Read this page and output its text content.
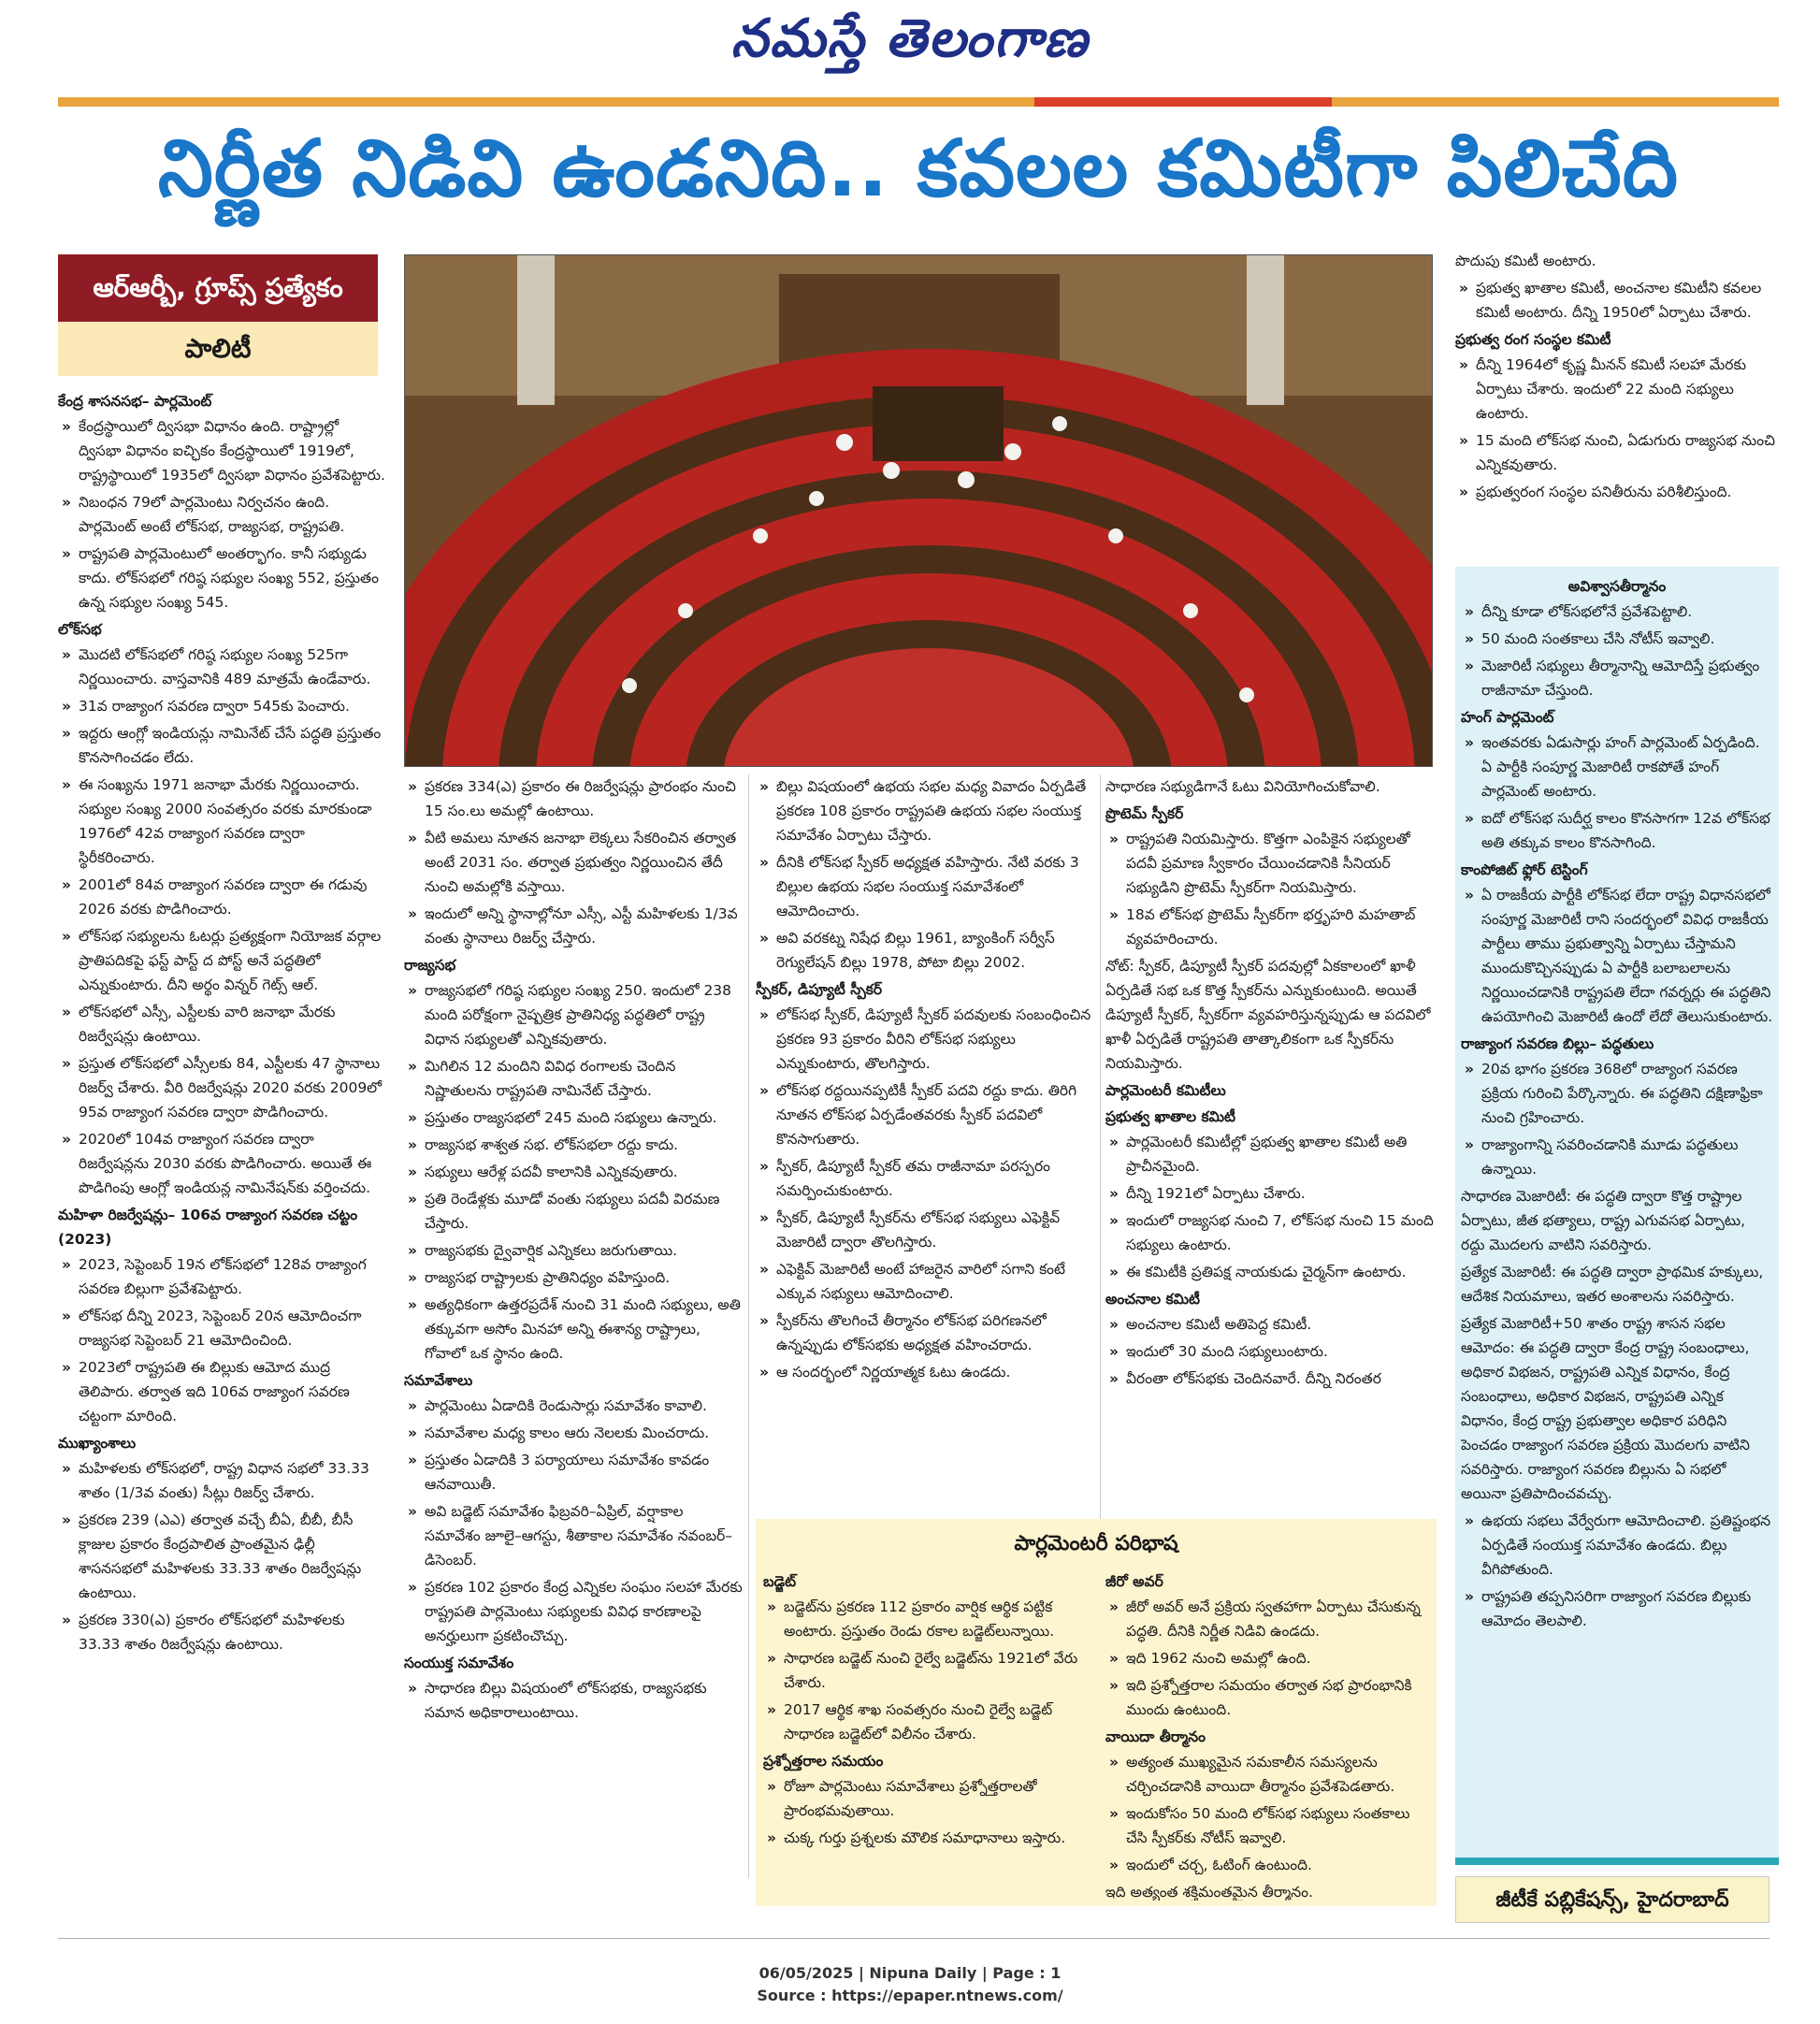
నమస్తే తెలంగాణ
నిర్ణీత నిడివి ఉండనిది.. కవలల కమిటీగా పిలిచేది
ఆర్ఆర్బీ, గ్రూప్స్ ప్రత్యేకం
పాలిటీ
కేంద్ర శాసనసభ– పార్లమెంట్

» కేంద్రస్థాయిలో ద్విసభా విధానం ఉంది. రాష్ట్రాల్లో ద్విసభా విధానం ఐచ్ఛికం కేంద్రస్థాయిలో 1919లో, రాష్ట్రస్థాయిలో 1935లో ద్విసభా విధానం ప్రవేశపెట్టారు.

» నిబంధన 79లో పార్లమెంటు నిర్వచనం ఉంది. పార్లమెంట్ అంటే లోక్‌సభ, రాజ్యసభ, రాష్ట్రపతి.

» రాష్ట్రపతి పార్లమెంటులో అంతర్భాగం. కానీ సభ్యుడు కాదు. లోక్‌సభలో గరిష్ఠ సభ్యుల సంఖ్య 552, ప్రస్తుతం ఉన్న సభ్యుల సంఖ్య 545.

లోక్‌సభ

» మొదటి లోక్‌సభలో గరిష్ఠ సభ్యుల సంఖ్య 525గా నిర్ణయించారు. వాస్తవానికి 489 మాత్రమే ఉండేవారు.

» 31వ రాజ్యాంగ సవరణ ద్వారా 545కు పెంచారు.

» ఇద్దరు ఆంగ్లో ఇండియన్లు నామినేట్ చేసే పద్ధతి ప్రస్తుతం కొనసాగించడం లేదు.

» ఈ సంఖ్యను 1971 జనాభా మేరకు నిర్ణయించారు. సభ్యుల సంఖ్య 2000 సంవత్సరం వరకు మారకుండా 1976లో 42వ రాజ్యాంగ సవరణ ద్వారా స్థిరీకరించారు.

» 2001లో 84వ రాజ్యాంగ సవరణ ద్వారా ఈ గడువు 2026 వరకు పొడిగించారు.

» లోక్‌సభ సభ్యులను ఓటర్లు ప్రత్యక్షంగా నియోజక వర్గాల ప్రాతిపదికపై ఫస్ట్ పాస్ట్ ద పోస్ట్ అనే పద్ధతిలో ఎన్నుకుంటారు. దీని అర్థం విన్నర్ గెట్స్ ఆల్.

» లోక్‌సభలో ఎస్సీ, ఎస్టీలకు వారి జనాభా మేరకు రిజర్వేషన్లు ఉంటాయి.

» ప్రస్తుత లోక్‌సభలో ఎస్సీలకు 84, ఎస్టీలకు 47 స్థానాలు రిజర్వ్ చేశారు. వీరి రిజర్వేషన్లు 2020 వరకు 2009లో 95వ రాజ్యాంగ సవరణ ద్వారా పొడిగించారు.

» 2020లో 104వ రాజ్యాంగ సవరణ ద్వారా రిజర్వేషన్లను 2030 వరకు పొడిగించారు. అయితే ఈ పొడిగింపు ఆంగ్లో ఇండియన్ల నామినేషన్‌కు వర్తించదు.

మహిళా రిజర్వేషన్లు– 106వ రాజ్యాంగ సవరణ చట్టం (2023)

» 2023, సెప్టెంబర్ 19న లోక్‌సభలో 128వ రాజ్యాంగ సవరణ బిల్లుగా ప్రవేశపెట్టారు.

» లోక్‌సభ దీన్ని 2023, సెప్టెంబర్ 20న ఆమోదించగా రాజ్యసభ సెప్టెంబర్ 21 ఆమోదించింది.

» 2023లో రాష్ట్రపతి ఈ బిల్లుకు ఆమోద ముద్ర తెలిపారు. తర్వాత ఇది 106వ రాజ్యాంగ సవరణ చట్టంగా మారింది.

ముఖ్యాంశాలు

» మహిళలకు లోక్‌సభలో, రాష్ట్ర విధాన సభలో 33.33 శాతం (1/3వ వంతు) సీట్లు రిజర్వ్ చేశారు.

» ప్రకరణ 239 (ఎఎ) తర్వాత వచ్చే బీఏ, బీబీ, బీసీ క్లాజుల ప్రకారం కేంద్రపాలిత ప్రాంతమైన ఢిల్లీ శాసనసభలో మహిళలకు 33.33 శాతం రిజర్వేషన్లు ఉంటాయి.

» ప్రకరణ 330(ఎ) ప్రకారం లోక్‌సభలో మహిళలకు 33.33 శాతం రిజర్వేషన్లు ఉంటాయి.

» ప్రకరణ 334(ఎ) ప్రకారం ఈ రిజర్వేషన్లు ప్రారంభం నుంచి 15 సం.లు అమల్లో ఉంటాయి.

» వీటి అమలు నూతన జనాభా లెక్కలు సేకరించిన తర్వాత అంటే 2031 సం. తర్వాత ప్రభుత్వం నిర్ణయించిన తేదీ నుంచి అమల్లోకి వస్తాయి.

» ఇందులో అన్ని స్థానాల్లోనూ ఎస్సీ, ఎస్టీ మహిళలకు 1/3వ వంతు స్థానాలు రిజర్వ్ చేస్తారు.

రాజ్యసభ

» రాజ్యసభలో గరిష్ఠ సభ్యుల సంఖ్య 250. ఇందులో 238 మంది పరోక్షంగా నైష్పత్రిక ప్రాతినిధ్య పద్ధతిలో రాష్ట్ర విధాన సభ్యులతో ఎన్నికవుతారు.

» మిగిలిన 12 మందిని వివిధ రంగాలకు చెందిన నిష్ణాతులను రాష్ట్రపతి నామినేట్ చేస్తారు.

» ప్రస్తుతం రాజ్యసభలో 245 మంది సభ్యులు ఉన్నారు.

» రాజ్యసభ శాశ్వత సభ. లోక్‌సభలా రద్దు కాదు.

» సభ్యులు ఆరేళ్ల పదవీ కాలానికి ఎన్నికవుతారు.

» ప్రతి రెండేళ్లకు మూడో వంతు సభ్యులు పదవీ విరమణ చేస్తారు.

» రాజ్యసభకు ద్వైవార్షిక ఎన్నికలు జరుగుతాయి.

» రాజ్యసభ రాష్ట్రాలకు ప్రాతినిధ్యం వహిస్తుంది.

» అత్యధికంగా ఉత్తరప్రదేశ్ నుంచి 31 మంది సభ్యులు, అతి తక్కువగా అసోం మినహా అన్ని ఈశాన్య రాష్ట్రాలు, గోవాలో ఒక స్థానం ఉంది.

సమావేశాలు

» పార్లమెంటు ఏడాదికి రెండుసార్లు సమావేశం కావాలి.

» సమావేశాల మధ్య కాలం ఆరు నెలలకు మించరాదు.

» ప్రస్తుతం ఏడాదికి 3 పర్యాయాలు సమావేశం కావడం ఆనవాయితీ.

» అవి బడ్జెట్ సమావేశం ఫిబ్రవరి–ఏప్రిల్, వర్షాకాల సమావేశం జూలై–ఆగస్టు, శీతాకాల సమావేశం నవంబర్–డిసెంబర్.

» ప్రకరణ 102 ప్రకారం కేంద్ర ఎన్నికల సంఘం సలహా మేరకు రాష్ట్రపతి పార్లమెంటు సభ్యులకు వివిధ కారణాలపై అనర్హులుగా ప్రకటించొచ్చు.

సంయుక్త సమావేశం

» సాధారణ బిల్లు విషయంలో లోక్‌సభకు, రాజ్యసభకు సమాన అధికారాలుంటాయి.

» బిల్లు విషయంలో ఉభయ సభల మధ్య వివాదం ఏర్పడితే ప్రకరణ 108 ప్రకారం రాష్ట్రపతి ఉభయ సభల సంయుక్త సమావేశం ఏర్పాటు చేస్తారు.

» దీనికి లోక్‌సభ స్పీకర్ అధ్యక్షత వహిస్తారు. నేటి వరకు 3 బిల్లుల ఉభయ సభల సంయుక్త సమావేశంలో ఆమోదించారు.

» అవి వరకట్న నిషేధ బిల్లు 1961, బ్యాంకింగ్ సర్వీస్ రెగ్యులేషన్ బిల్లు 1978, పోటా బిల్లు 2002.

స్పీకర్, డిప్యూటీ స్పీకర్

» లోక్‌సభ స్పీకర్, డిప్యూటీ స్పీకర్ పదవులకు సంబంధించిన ప్రకరణ 93 ప్రకారం వీరిని లోక్‌సభ సభ్యులు ఎన్నుకుంటారు, తొలగిస్తారు.

» లోక్‌సభ రద్దయినప్పటికీ స్పీకర్ పదవి రద్దు కాదు. తిరిగి నూతన లోక్‌సభ ఏర్పడేంతవరకు స్పీకర్ పదవిలో కొనసాగుతారు.

» స్పీకర్, డిప్యూటీ స్పీకర్ తమ రాజీనామా పరస్పరం సమర్పించుకుంటారు.

» స్పీకర్, డిప్యూటీ స్పీకర్‌ను లోక్‌సభ సభ్యులు ఎఫెక్టివ్ మెజారిటీ ద్వారా తొలగిస్తారు.

» ఎఫెక్టివ్ మెజారిటీ అంటే హాజరైన వారిలో సగాని కంటే ఎక్కువ సభ్యులు ఆమోదించాలి.

» స్పీకర్‌ను తొలగించే తీర్మానం లోక్‌సభ పరిగణనలో ఉన్నప్పుడు లోక్‌సభకు అధ్యక్షత వహించరాదు.

» ఆ సందర్భంలో నిర్ణయాత్మక ఓటు ఉండదు.

సాధారణ సభ్యుడిగానే ఓటు వినియోగించుకోవాలి.

ప్రొటెమ్ స్పీకర్

» రాష్ట్రపతి నియమిస్తారు. కొత్తగా ఎంపికైన సభ్యులతో పదవీ ప్రమాణ స్వీకారం చేయించడానికి సీనియర్ సభ్యుడిని ప్రొటెమ్ స్పీకర్‌గా నియమిస్తారు.

» 18వ లోక్‌సభ ప్రొటెమ్ స్పీకర్‌గా భర్తృహరి మహతాబ్ వ్యవహరించారు.

నోట్: స్పీకర్, డిప్యూటీ స్పీకర్ పదవుల్లో ఏకకాలంలో ఖాళీ ఏర్పడితే సభ ఒక కొత్త స్పీకర్‌ను ఎన్నుకుంటుంది. అయితే డిప్యూటీ స్పీకర్, స్పీకర్‌గా వ్యవహరిస్తున్నప్పుడు ఆ పదవిలో ఖాళీ ఏర్పడితే రాష్ట్రపతి తాత్కాలికంగా ఒక స్పీకర్‌ను నియమిస్తారు.

పార్లమెంటరీ కమిటీలు
ప్రభుత్వ ఖాతాల కమిటీ

» పార్లమెంటరీ కమిటీల్లో ప్రభుత్వ ఖాతాల కమిటీ అతి ప్రాచీనమైంది.

» దీన్ని 1921లో ఏర్పాటు చేశారు.

» ఇందులో రాజ్యసభ నుంచి 7, లోక్‌సభ నుంచి 15 మంది సభ్యులు ఉంటారు.

» ఈ కమిటీకి ప్రతిపక్ష నాయకుడు చైర్మన్‌గా ఉంటారు.

అంచనాల కమిటీ

» అంచనాల కమిటీ అతిపెద్ద కమిటీ.

» ఇందులో 30 మంది సభ్యులుంటారు.

» వీరంతా లోక్‌సభకు చెందినవారే. దీన్ని నిరంతర

పొదుపు కమిటీ అంటారు.

» ప్రభుత్వ ఖాతాల కమిటీ, అంచనాల కమిటీని కవలల కమిటీ అంటారు. దీన్ని 1950లో ఏర్పాటు చేశారు.

ప్రభుత్వ రంగ సంస్థల కమిటీ

» దీన్ని 1964లో కృష్ణ మీనన్ కమిటీ సలహా మేరకు ఏర్పాటు చేశారు. ఇందులో 22 మంది సభ్యులు ఉంటారు.

» 15 మంది లోక్‌సభ నుంచి, ఏడుగురు రాజ్యసభ నుంచి ఎన్నికవుతారు.

» ప్రభుత్వరంగ సంస్థల పనితీరును పరిశీలిస్తుంది.

అవిశ్వాసతీర్మానం

» దీన్ని కూడా లోక్‌సభలోనే ప్రవేశపెట్టాలి.

» 50 మంది సంతకాలు చేసి నోటీస్ ఇవ్వాలి.

» మెజారిటీ సభ్యులు తీర్మానాన్ని ఆమోదిస్తే ప్రభుత్వం రాజీనామా చేస్తుంది.

హంగ్ పార్లమెంట్

» ఇంతవరకు ఏడుసార్లు హంగ్ పార్లమెంట్ ఏర్పడింది. ఏ పార్టీకి సంపూర్ణ మెజారిటీ రాకపోతే హంగ్ పార్లమెంట్ అంటారు.

» ఐదో లోక్‌సభ సుదీర్ఘ కాలం కొనసాగగా 12వ లోక్‌సభ అతి తక్కువ కాలం కొనసాగింది.

కాంపోజిట్ ఫ్లోర్ టెస్టింగ్

» ఏ రాజకీయ పార్టీకి లోక్‌సభ లేదా రాష్ట్ర విధానసభలో సంపూర్ణ మెజారిటీ రాని సందర్భంలో వివిధ రాజకీయ పార్టీలు తాము ప్రభుత్వాన్ని ఏర్పాటు చేస్తామని ముందుకొచ్చినప్పుడు ఏ పార్టీకి బలాబలాలను నిర్ణయించడానికి రాష్ట్రపతి లేదా గవర్నర్లు ఈ పద్ధతిని ఉపయోగించి మెజారిటీ ఉందో లేదో తెలుసుకుంటారు.

రాజ్యాంగ సవరణ బిల్లు– పద్ధతులు

» 20వ భాగం ప్రకరణ 368లో రాజ్యాంగ సవరణ ప్రక్రియ గురించి పేర్కొన్నారు. ఈ పద్ధతిని దక్షిణాఫ్రికా నుంచి గ్రహించారు.

» రాజ్యాంగాన్ని సవరించడానికి మూడు పద్ధతులు ఉన్నాయి.

సాధారణ మెజారిటీ: ఈ పద్ధతి ద్వారా కొత్త రాష్ట్రాల ఏర్పాటు, జీత భత్యాలు, రాష్ట్ర ఎగువసభ ఏర్పాటు, రద్దు మొదలగు వాటిని సవరిస్తారు.

ప్రత్యేక మెజారిటీ: ఈ పద్ధతి ద్వారా ప్రాథమిక హక్కులు, ఆదేశిక నియమాలు, ఇతర అంశాలను సవరిస్తారు.

ప్రత్యేక మెజారిటీ+50 శాతం రాష్ట్ర శాసన సభల ఆమోదం: ఈ పద్ధతి ద్వారా కేంద్ర రాష్ట్ర సంబంధాలు, అధికార విభజన, రాష్ట్రపతి ఎన్నిక విధానం, కేంద్ర సంబంధాలు, అధికార విభజన, రాష్ట్రపతి ఎన్నిక విధానం, కేంద్ర రాష్ట్ర ప్రభుత్వాల అధికార పరిధిని పెంచడం రాజ్యాంగ సవరణ ప్రక్రియ మొదలగు వాటిని సవరిస్తారు. రాజ్యాంగ సవరణ బిల్లును ఏ సభలో అయినా ప్రతిపాదించవచ్చు.

» ఉభయ సభలు వేర్వేరుగా ఆమోదించాలి. ప్రతిష్టంభన ఏర్పడితే సంయుక్త సమావేశం ఉండదు. బిల్లు వీగిపోతుంది.

» రాష్ట్రపతి తప్పనిసరిగా రాజ్యాంగ సవరణ బిల్లుకు ఆమోదం తెలపాలి.

పార్లమెంటరీ పరిభాష
బడ్జెట్

» బడ్జెట్‌ను ప్రకరణ 112 ప్రకారం వార్షిక ఆర్థిక పట్టిక అంటారు. ప్రస్తుతం రెండు రకాల బడ్జెట్‌లున్నాయి.

» సాధారణ బడ్జెట్ నుంచి రైల్వే బడ్జెట్‌ను 1921లో వేరు చేశారు.

» 2017 ఆర్థిక శాఖ సంవత్సరం నుంచి రైల్వే బడ్జెట్ సాధారణ బడ్జెట్‌లో విలీనం చేశారు.

ప్రశ్నోత్తరాల సమయం

» రోజూ పార్లమెంటు సమావేశాలు ప్రశ్నోత్తరాలతో ప్రారంభమవుతాయి.

» చుక్క గుర్తు ప్రశ్నలకు మౌలిక సమాధానాలు ఇస్తారు.

జీరో అవర్

» జీరో అవర్ అనే ప్రక్రియ స్వతహాగా ఏర్పాటు చేసుకున్న పద్ధతి. దీనికి నిర్ణీత నిడివి ఉండదు.

» ఇది 1962 నుంచి అమల్లో ఉంది.

» ఇది ప్రశ్నోత్తరాల సమయం తర్వాత సభ ప్రారంభానికి ముందు ఉంటుంది.

వాయిదా తీర్మానం

» అత్యంత ముఖ్యమైన సమకాలీన సమస్యలను చర్చించడానికి వాయిదా తీర్మానం ప్రవేశపెడతారు.

» ఇందుకోసం 50 మంది లోక్‌సభ సభ్యులు సంతకాలు చేసి స్పీకర్‌కు నోటీస్ ఇవ్వాలి.

» ఇందులో చర్చ, ఓటింగ్ ఉంటుంది.

ఇది అత్యంత శక్తిమంతమైన తీర్మానం.	జీటీకే పబ్లికేషన్స్, హైదరాబాద్
06/05/2025 | Nipuna Daily | Page : 1
Source : https://epaper.ntnews.com/
